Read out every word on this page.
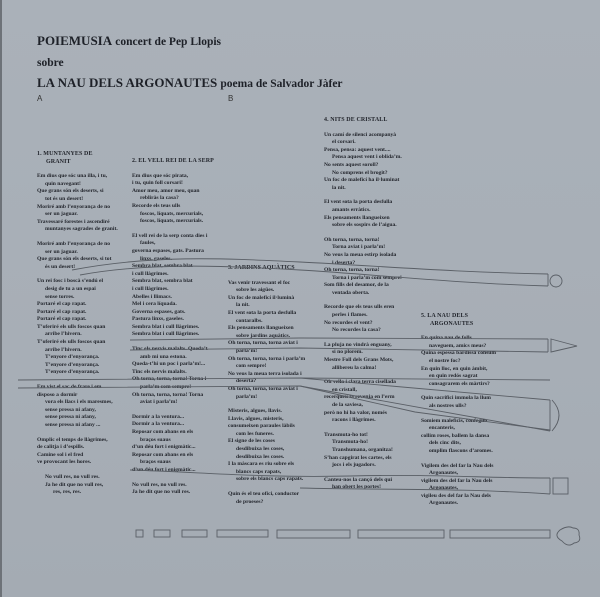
POIEMUSIA concert de Pep Llopis
sobre
LA NAU DELS ARGONAUTES poema de Salvador Jàfer
A	B
1. MUNTANYES DE
GRANIT
Em dius que sóc una illa, i tu,
quin navegant!
Que grans són els deserts, si
tot és un desert!
Moriré amb l’enyorança de no
ser un jaguar.
Travessaré forestes i ascendiré
muntanyes sagrades de granit.
Moriré amb l’enyorança de no
ser un jaguar.
Que grans són els deserts, si tot
és un desert!
Un rei fosc i boscà s’endú el
desig de tu a un espai
sense torres.
Portaré el cap rapat.
Portaré el cap rapat.
Portaré el cap rapat.
T’oferiré els ulls foscos quan
arribe l’hivern.
T’oferiré els ulls foscos quan
arribe l’hivern.
T’enyore d’enyorança.
T’enyore d’enyorança.
T’enyore d’enyorança.
Em vist el sac de frare i em
disposo a dormir
vora els llacs i els maresmes,
sense pressa ni afany,
sense pressa ni afany,
sense pressa ni afany ...
Omplic el temps de llàgrimes,
de calitja i d’espills.
Camine sol i el fred
ve provocant les hores.
No vull res, no vull res.
Ja he dit que no vull res,
res, res, res.
2. EL VELL REI DE LA SERP
Em dius que sóc pirata,
i tu, quin foll corsari!
Amor meu, amor meu, quan
rebliràs la casa?
Recorde els teus ulls
foscos, líquats, mercurials,
foscos, líquats, mercurials.
El vell rei de la serp conta dies i
faules,
governa espases, gats. Pastura
linxs, gaseles.
Sembra blat, sembra blat
i cull llàgrimes.
Sembra blat, sembra blat
i cull llàgrimes.
Abelles i llimacs.
Mel i cera líquada.
Governa espases, gats.
Pastura linxs, gaseles.
Sembra blat i cull llàgrimes.
Sembra blat i cull llàgrimes.
Tinc els nervis malalts. Queda’t
amb mi una estona.
Queda-t’hi un poc i parla’m!...
Tinc els nervis malalts.
Oh torna, torna, torna! Torna i
parla’m com sempre!
Oh torna, torna, torna! Torna
aviat i parla’m!
Dormir a la ventura...
Dormir a la ventura...
Reposar com abans en els
braços suaus
d’un déu fort i enigmàtic...
Reposar com abans en els
braços suaus
d’un déu fort i enigmàtic...
No vull res, no vull res.
Ja he dit que no vull res.
3. JARDINS AQUÀTICS
Vas venir travessant el foc
sobre les aigües.
Un foc de maleficí il·luminà
la nit.
El vent sota la porta desfulla
contaralbs.
Els pensaments llangueixen
sobre jardins aquàtics.
Oh torna, torna, torna aviat i
parla’m!
Oh torna, torna, torna i parla’m
com sempre!
No veus la meua terra isolada i
deserta?
Oh torna, torna, torna aviat i
parla’m!
Misteris, algues, llavis.
Llavis, algues, misteris,
consumeixen paraules làbils
com les funeres.
El signe de les coses
desdibuixa les coses,
desdibuixa les coses.
I la màscara es riu sobre els
blancs caps rapats,
sobre els blancs caps rapats.
Quin és el teu ofici, conductor
de proeses?
4. NITS DE CRISTALL
Un camí de silenci acompanyà
el corsari.
Pensa, pensa: aquest vent....
Pensa aquest vent i oblida’m.
No sents aquest soroll?
No comprens el brogit?
Un foc de maleficí ha il·luminat
la nit.
El vent sota la porta desfulla
amants erràtics.
Els pensaments llangueixen
sobre els sospirs de l’aigua.
Oh torna, torna, torna!
Torna aviat i parla’m!
No veus la meua estirp isolada
i deserta?
Oh torna, torna, torna!
Torna i parla’m com sempre!
Som fills del desamor, de la
ventada oberta.
Recorde que els teus ulls eren
perles i flames.
No recordes el vent?
No recordes la casa?
La pluja no vindrà enguany,
si no plorem.
Mestre Foll dels Grans Mots,
allibereu la calma!
Oh vella i clara terra cisellada
en cristall,
recerqueu la revenja en l’erm
de la saviesa,
però no hi ha valor, només
racons i llàgrimes.
Transmuta-ho tot!
Transmuta-ho!
Transhumana, organitza!
S’han capgirat les cartes, els
jocs i els jugadors.
Canteu-nos la cançó dels qui
han obert les portes!
5. LA NAU DELS
ARGONAUTES
En quina nau de folls
naveguem, amics meus?
Quina espessa bardissa consum
el nostre foc?
En quin lloc, en quin àmbit,
en quin redós sagrat
consagrarem els màrtirs?
Quin sacrifici immola la llum
als nostres ulls?
Somiem maleficis, confegim
encanteris,
collim roses, ballem la dansa
dels cinc dits,
omplim flascons d’aromes.
Vigilem des del far la Nau dels
Argonautes,
vigilem des del far la Nau dels
Argonautes,
vigileu des del far la Nau dels
Argonautes.
